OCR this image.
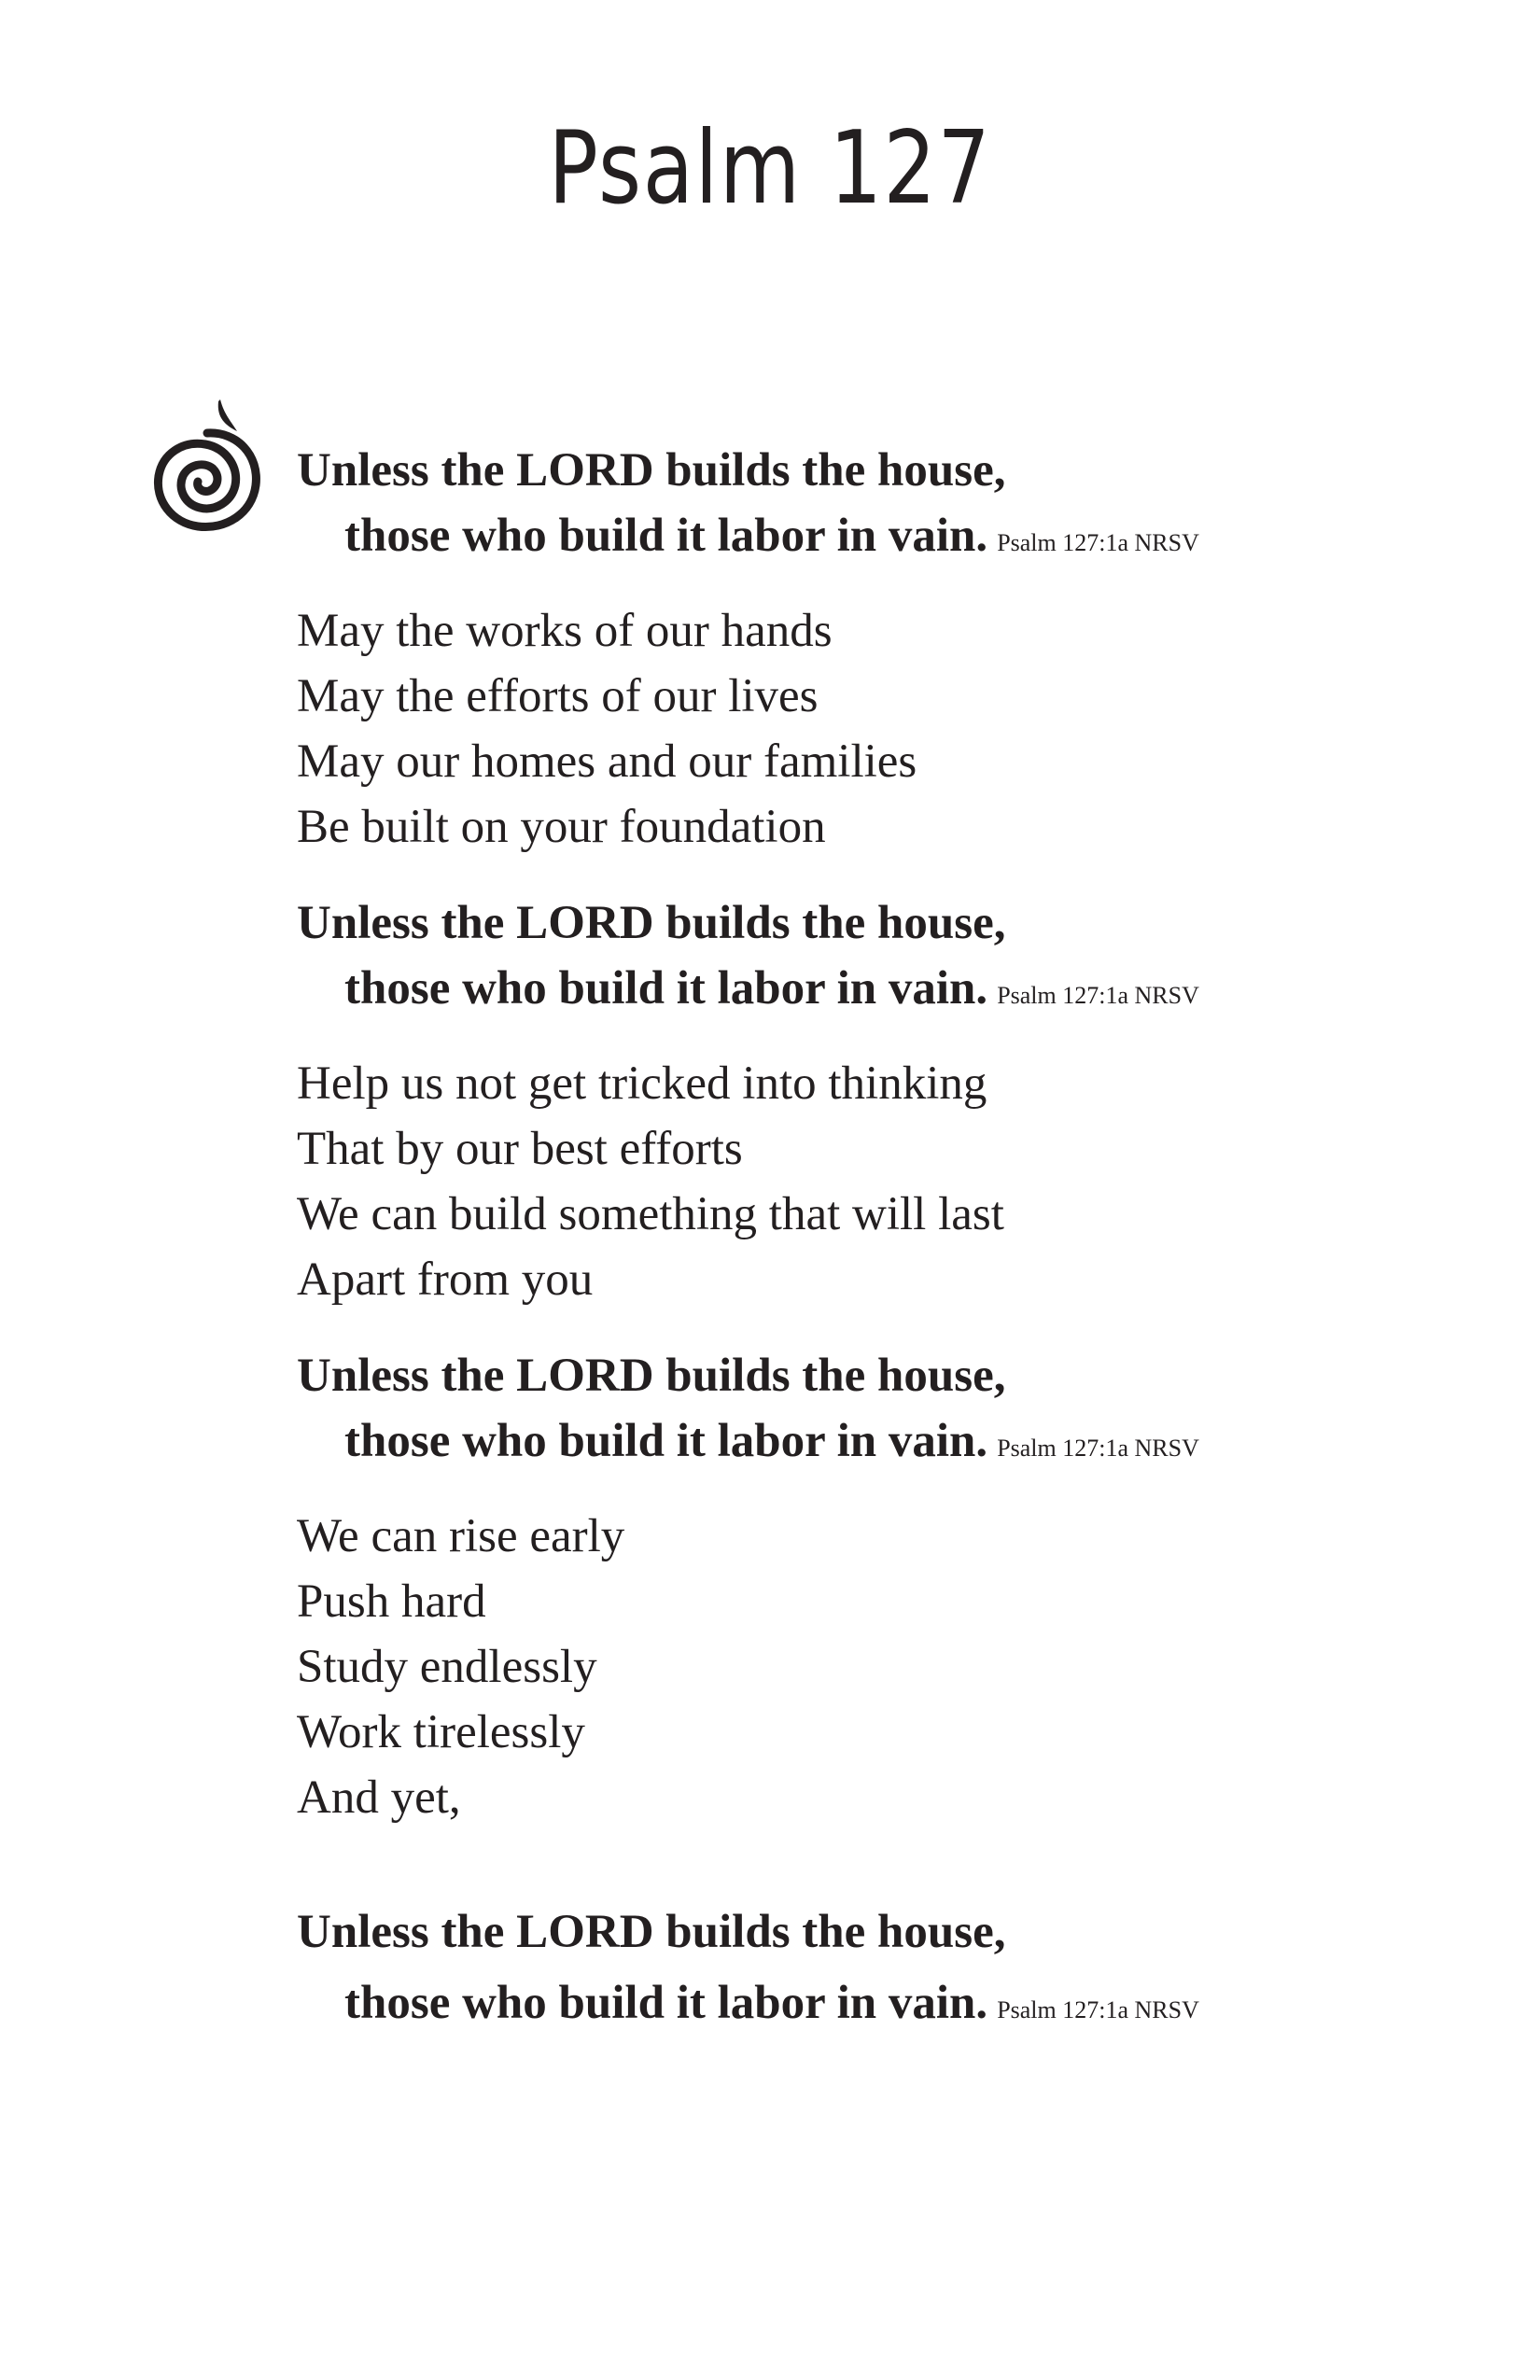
Psalm 127
Unless the LORD builds the house,
those who build it labor in vain. Psalm 127:1a NRSV
May the works of our hands
May the efforts of our lives
May our homes and our families
Be built on your foundation
Unless the LORD builds the house,
those who build it labor in vain. Psalm 127:1a NRSV
Help us not get tricked into thinking
That by our best efforts
We can build something that will last
Apart from you
Unless the LORD builds the house,
those who build it labor in vain. Psalm 127:1a NRSV
We can rise early
Push hard
Study endlessly
Work tirelessly
And yet,
Unless the LORD builds the house,
those who build it labor in vain. Psalm 127:1a NRSV
